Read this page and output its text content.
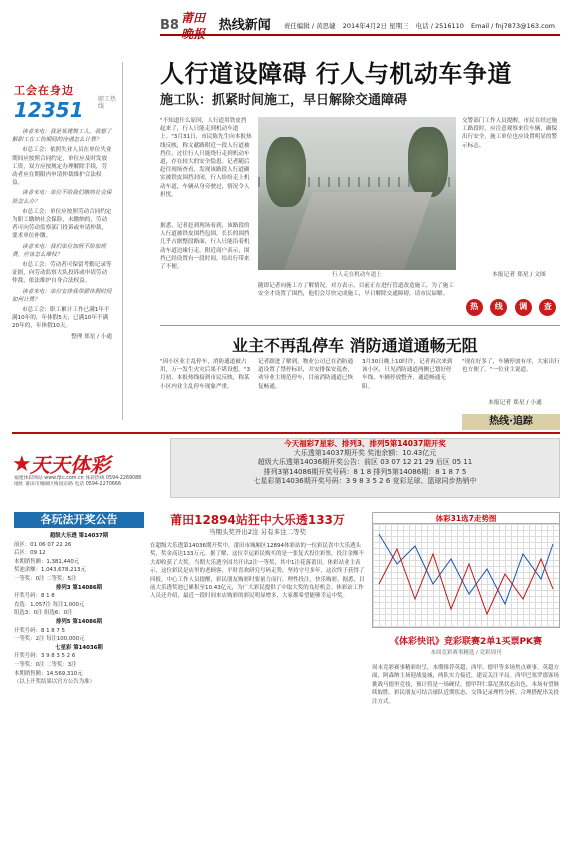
B8
莆田
热线新闻 责任编辑 / 黄思婕 2014年4月2日 星期三 电话 / 2516110 Email / fnj7873@163.com
工会在身边
12351	职工热线

读者来电：我是某建筑工人，我想了解职工在工伤期间的待遇怎么计算？

市总工会：依照失业人员在单位失业期间应按照合同约定，单位应及时发放工资，双方应按规定办理解除手续，劳动者应在期限内申请仲裁维护合法权益。

读者来电：单位不给我们缴纳社会保险怎么办？

市总工会：单位应按照劳动合同约定为职工缴纳社会保险，未缴纳的，劳动者可向劳动监察部门投诉或申请仲裁，要求单位补缴。

读者来电：我们单位加班不给加班费，应该怎么维权？

市总工会：劳动者可保留考勤记录等证据，向劳动监察大队投诉或申请劳动仲裁，依法维护自身合法权益。

读者来电：单位安排我带薪休假时间如何计算？

市总工会：职工累计工作已满1年不满10年的，年休假5天；已满10年不满20年的，年休假10天。

整理 郑星 / 小通

人行道设障碍 行人与机动车争道
施工队：抓紧时间施工，早日解除交通障碍
"不知道什么原因，人行道用铁皮挡起来了，行人只能走到机动车道上。"3月31日，市民陈先生向本报热线反映，称文献路附近一段人行道被挡住，过往行人只能绕行走到机动车道，存在较大的安全隐患。记者随后赶往现场查看，发现该路段人行道确实被铁皮围挡封闭，行人纷纷走上机动车道，车辆从身旁驶过，情况令人担忧。
据悉，记者赶到现场看到，该路段的人行道被铁皮围挡包围，长长的围挡几乎占据整段路面，行人只能沿着机动车道边缘行走。附近商户表示，围挡已经设置有一段时间，给出行带来了不便。
行人走在机动车道上
随即记者向施工方了解情况，对方表示，目前正在进行管道改造施工，为了施工安全才设置了围挡，他们会尽快完成施工，早日解除交通障碍，请市民谅解。
交警部门工作人员提醒，市民在经过施工路段时，应注意观察来往车辆，确保出行安全，施工单位也应设置明显的警示标志。
本报记者 郑星 / 文图
热	线	调	查
业主不再乱停车 消防通道通畅无阻
"因小区业主乱停车，消防通道被占用，万一发生火灾后果不堪设想。"3月初，本报热线接到市民反映，称某小区内业主乱停车现象严重。
记者跟进了解到，物业公司已在消防通道设置了禁停标识，并安排保安巡查，劝导业主规范停车，目前消防通道已恢复畅通。
3月30日晚上10时许，记者再次来到该小区，只见消防通道两侧已划好停车线，车辆停放整齐，通道畅通无阻。
"现在好多了，车辆停放有序，大家出行也方便了。"一位业主说道。
本报记者 郑星 / 小通
热线·追踪
★
天天体彩
福建体彩网站 www.fjtc.com.cn 体彩热线 0594-2269088 地址 莆田市城厢区梅园东路 电话 0594-2270666
今天福彩7星彩、排列3、排列5第14037期开奖
大乐透第14037期开奖 奖池余额：10.43亿元
超级大乐透第14036期开奖公告：前区 03 07 12 21 29 后区 05 11
排列3第14086期开奖号码：8 1 8 排列5第14086期：8 1 8 7 5
七星彩第14036期开奖号码：3 9 8 3 5 2 6 竞彩足球、篮球同步热销中
各玩法开奖公告
超级大乐透 第14037期
前区：01 06 07 22 26
后区：09 12
本期销售额：1,381,440元
奖池余额：1,043,678,213元
一等奖：0注 二等奖：5注
排列3 第14086期
开奖号码：8 1 8
直选：1,057注 每注1,000元
组选3：0注 组选6：0注
排列5 第14086期
开奖号码：8 1 8 7 5
一等奖：2注 每注100,000元
七星彩 第14036期
开奖号码：3 9 8 3 5 2 6
一等奖：0注 二等奖：3注
本期销售额：14,569,310元
（以上开奖结果以官方公告为准）
莆田12894站狂中大乐透133万
当期头奖开出2注 另有多注二等奖
在超级大乐透第14036期开奖中，莆田市城厢区12894体彩站的一位彩民喜中大乐透头奖，奖金高达133万元。据了解，这位幸运彩民购买的是一张复式投注彩票，投注金额不大却收获了大奖。当期大乐透全国共开出2注一等奖，其中1注花落莆田。体彩站业主表示，这位彩民是店里的老顾客，平时喜欢研究号码走势，坚持守号多年，这次终于获得了回报。中心工作人员提醒，彩民朋友购彩时要量力而行，理性投注，快乐购彩。据悉，目前大乐透奖池已累积至10.43亿元，为广大彩民提供了中取大奖的良好机会。体彩站工作人员还介绍，最近一段时间来店购彩的彩民明显增多，大家都希望能够幸运中奖。
体彩31选7走势图
《体彩快讯》竞彩联赛2单1买票PK赛
本周竞彩赛事精选 / 竞彩周刊
周末竞彩赛事精彩纷呈，本期推荐英超、西甲、德甲等多场焦点赛事。英超方面，阿森纳主场迎战曼城，两队实力接近，建议关注平局。西甲巴塞罗那客场挑战马德里竞技，预计将是一场硬仗。德甲拜仁慕尼黑状态出色，本场有望继续取胜。彩民朋友可结合球队近期状态、交锋记录理性分析，合理搭配串关投注方式。
